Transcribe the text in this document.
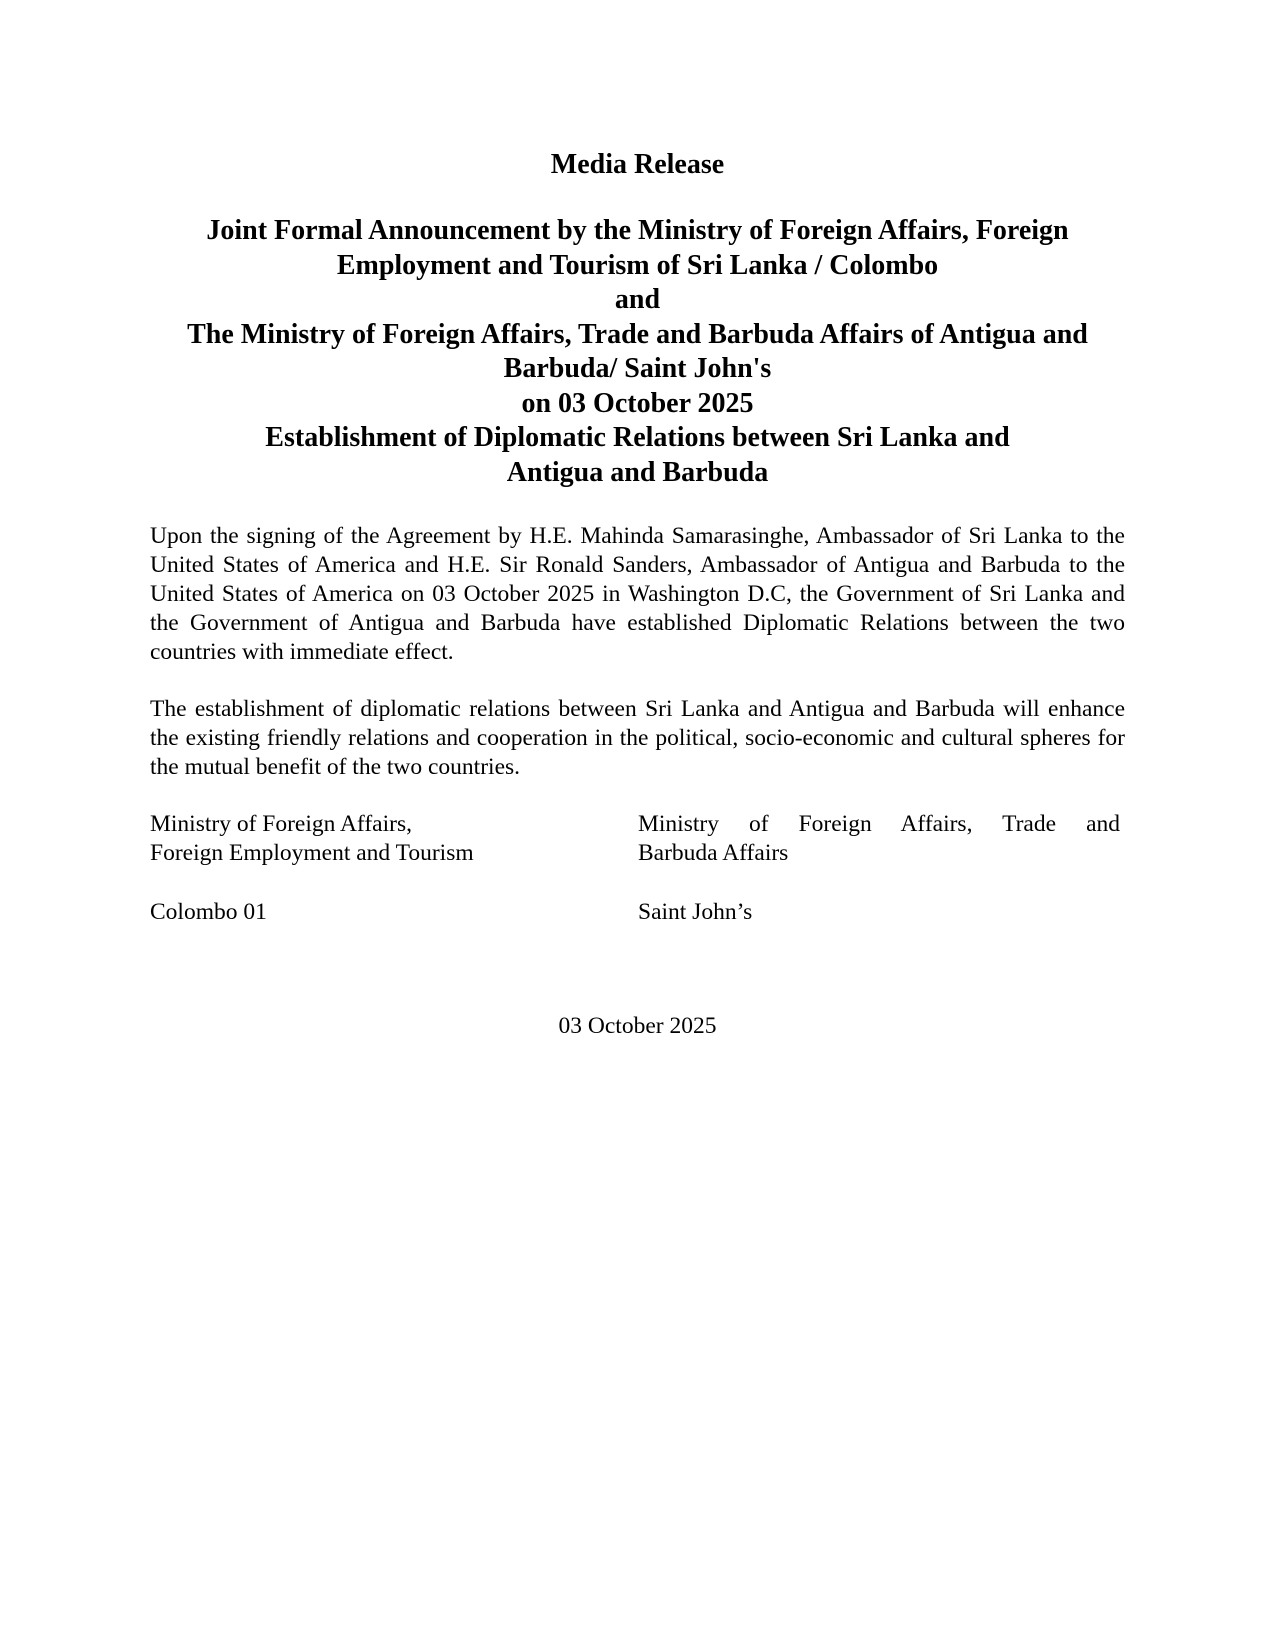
Media Release
Joint Formal Announcement by the Ministry of Foreign Affairs, Foreign
Employment and Tourism of Sri Lanka / Colombo
and
The Ministry of Foreign Affairs, Trade and Barbuda Affairs of Antigua and
Barbuda/ Saint John's
on 03 October 2025
Establishment of Diplomatic Relations between Sri Lanka and
Antigua and Barbuda

Upon the signing of the Agreement by H.E. Mahinda Samarasinghe, Ambassador of Sri Lanka to the United States of America and H.E. Sir Ronald Sanders, Ambassador of Antigua and Barbuda to the United States of America on 03 October 2025 in Washington D.C, the Government of Sri Lanka and the Government of Antigua and Barbuda have established Diplomatic Relations between the two countries with immediate effect.

The establishment of diplomatic relations between Sri Lanka and Antigua and Barbuda will enhance the existing friendly relations and cooperation in the political, socio-economic and cultural spheres for the mutual benefit of the two countries.

Ministry of Foreign Affairs,
Foreign Employment and Tourism
Colombo 01
Ministry of Foreign Affairs, Trade and
Barbuda Affairs
Saint John’s
03 October 2025
